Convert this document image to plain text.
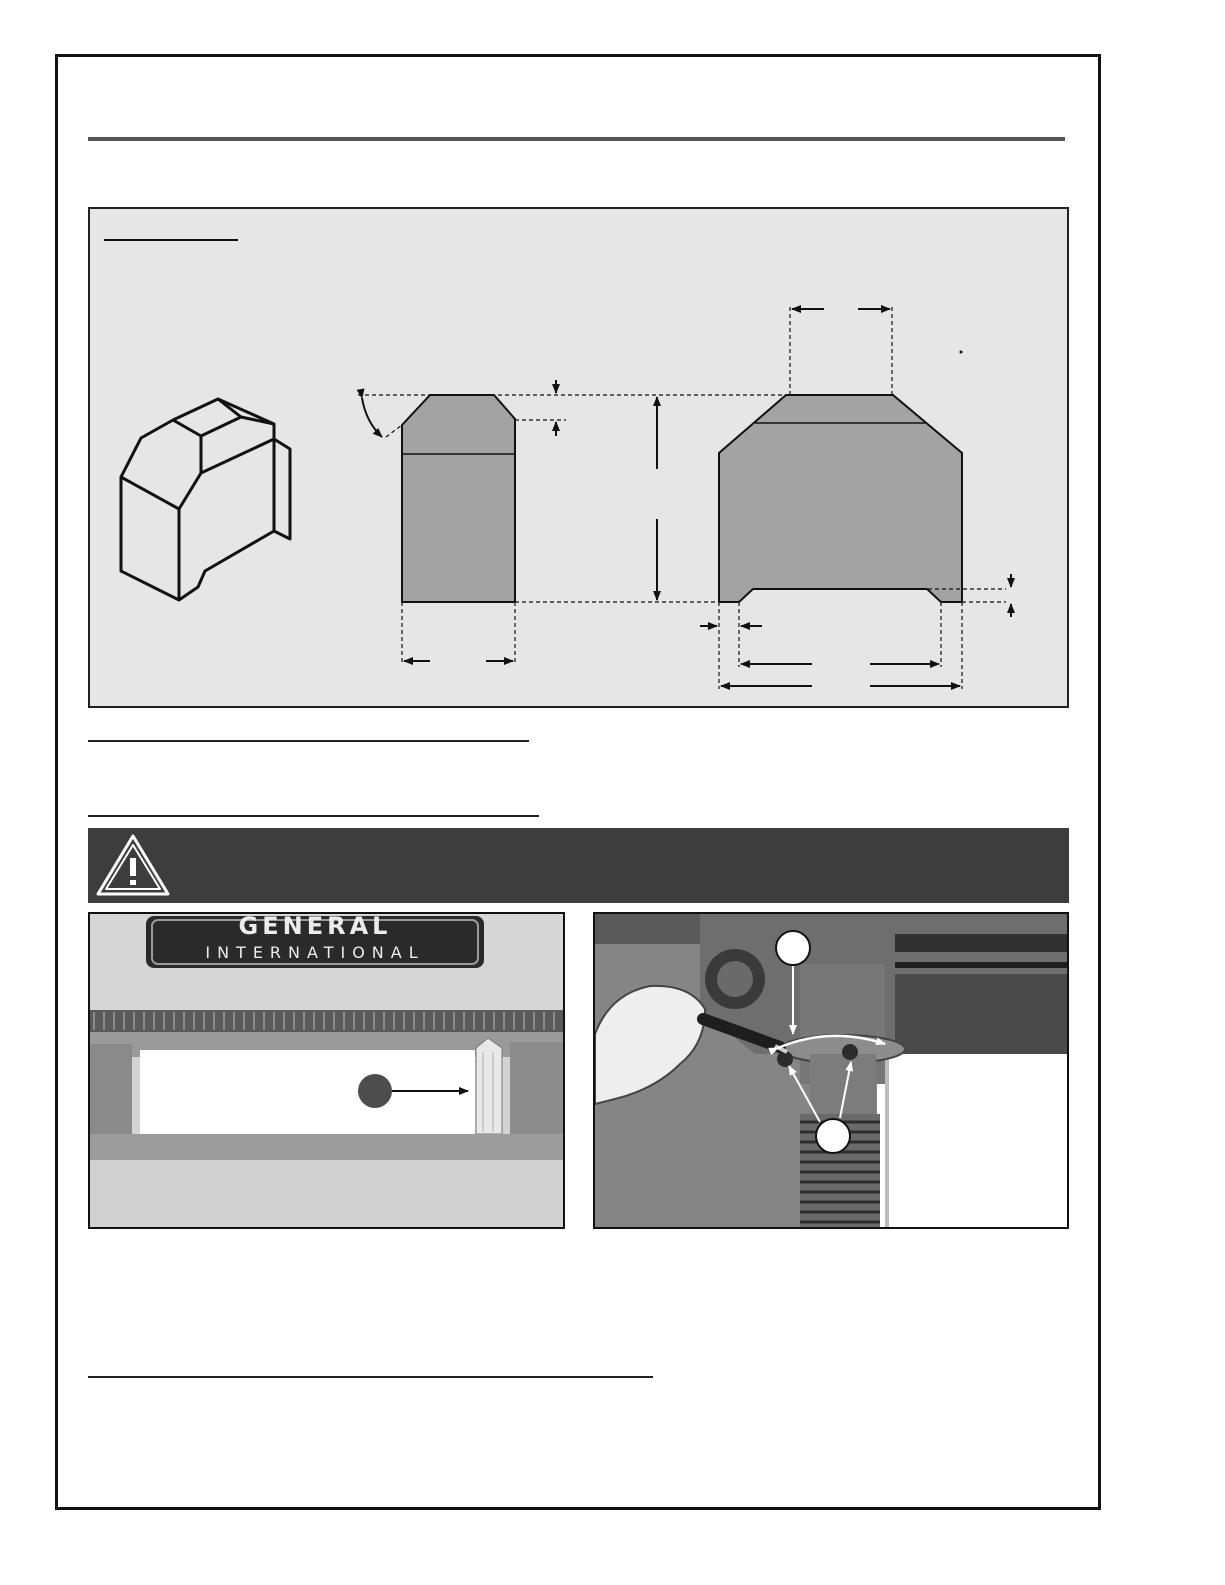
GENERAL
INTERNATIONAL
